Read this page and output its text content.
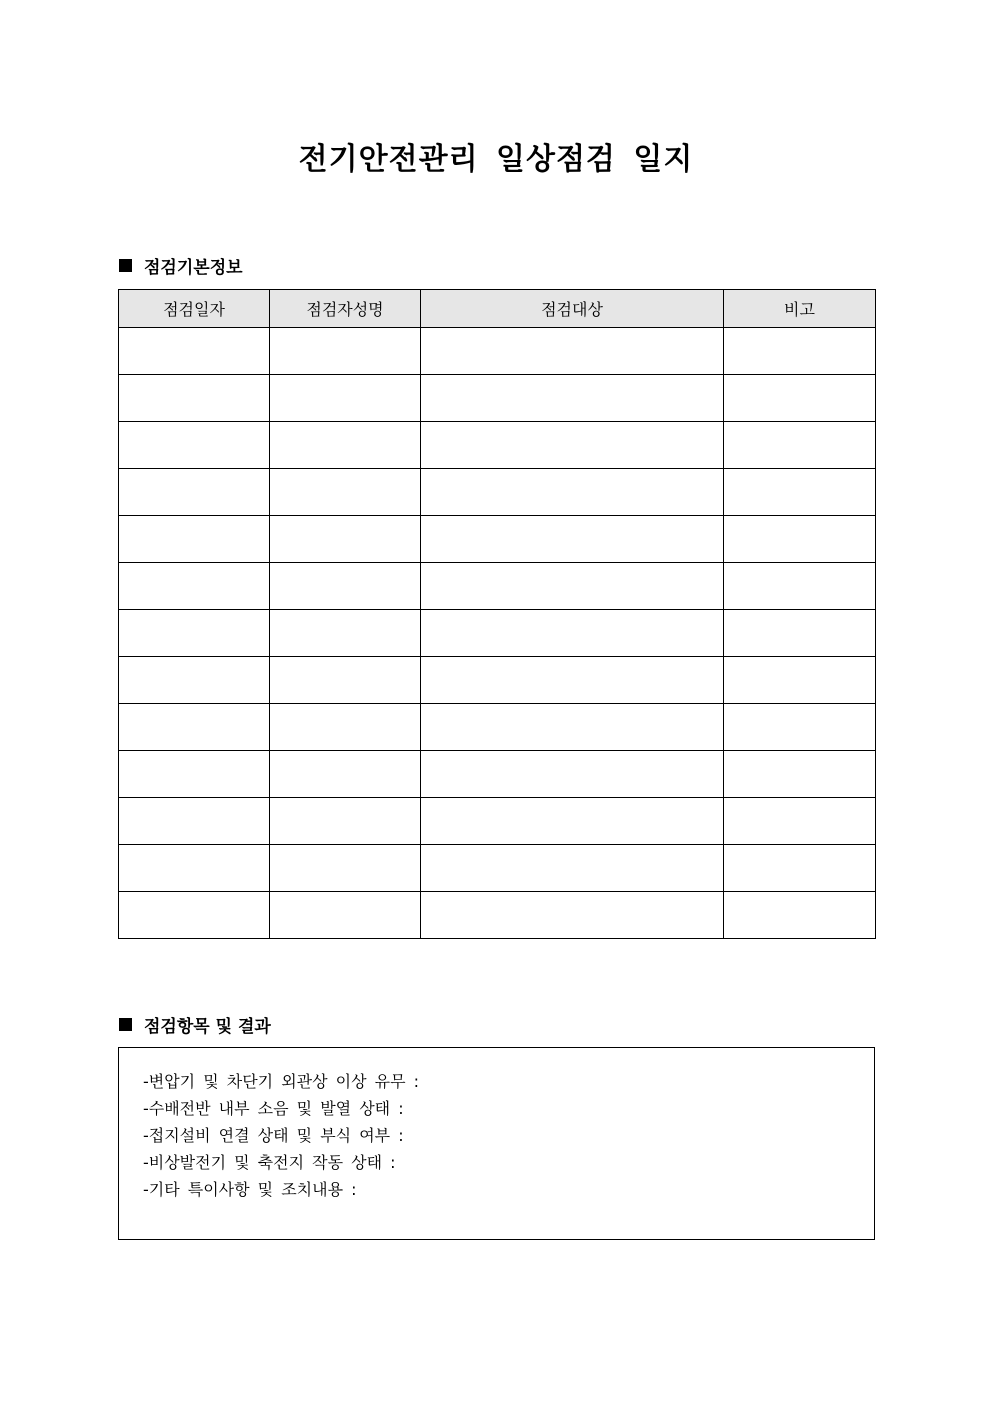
전기안전관리 일상점검 일지
점검기본정보
점검일자	점검자성명	점검대상	비고

점검항목 및 결과
-변압기 및 차단기 외관상 이상 유무 :
-수배전반 내부 소음 및 발열 상태 :
-접지설비 연결 상태 및 부식 여부 :
-비상발전기 및 축전지 작동 상태 :
-기타 특이사항 및 조치내용 :
